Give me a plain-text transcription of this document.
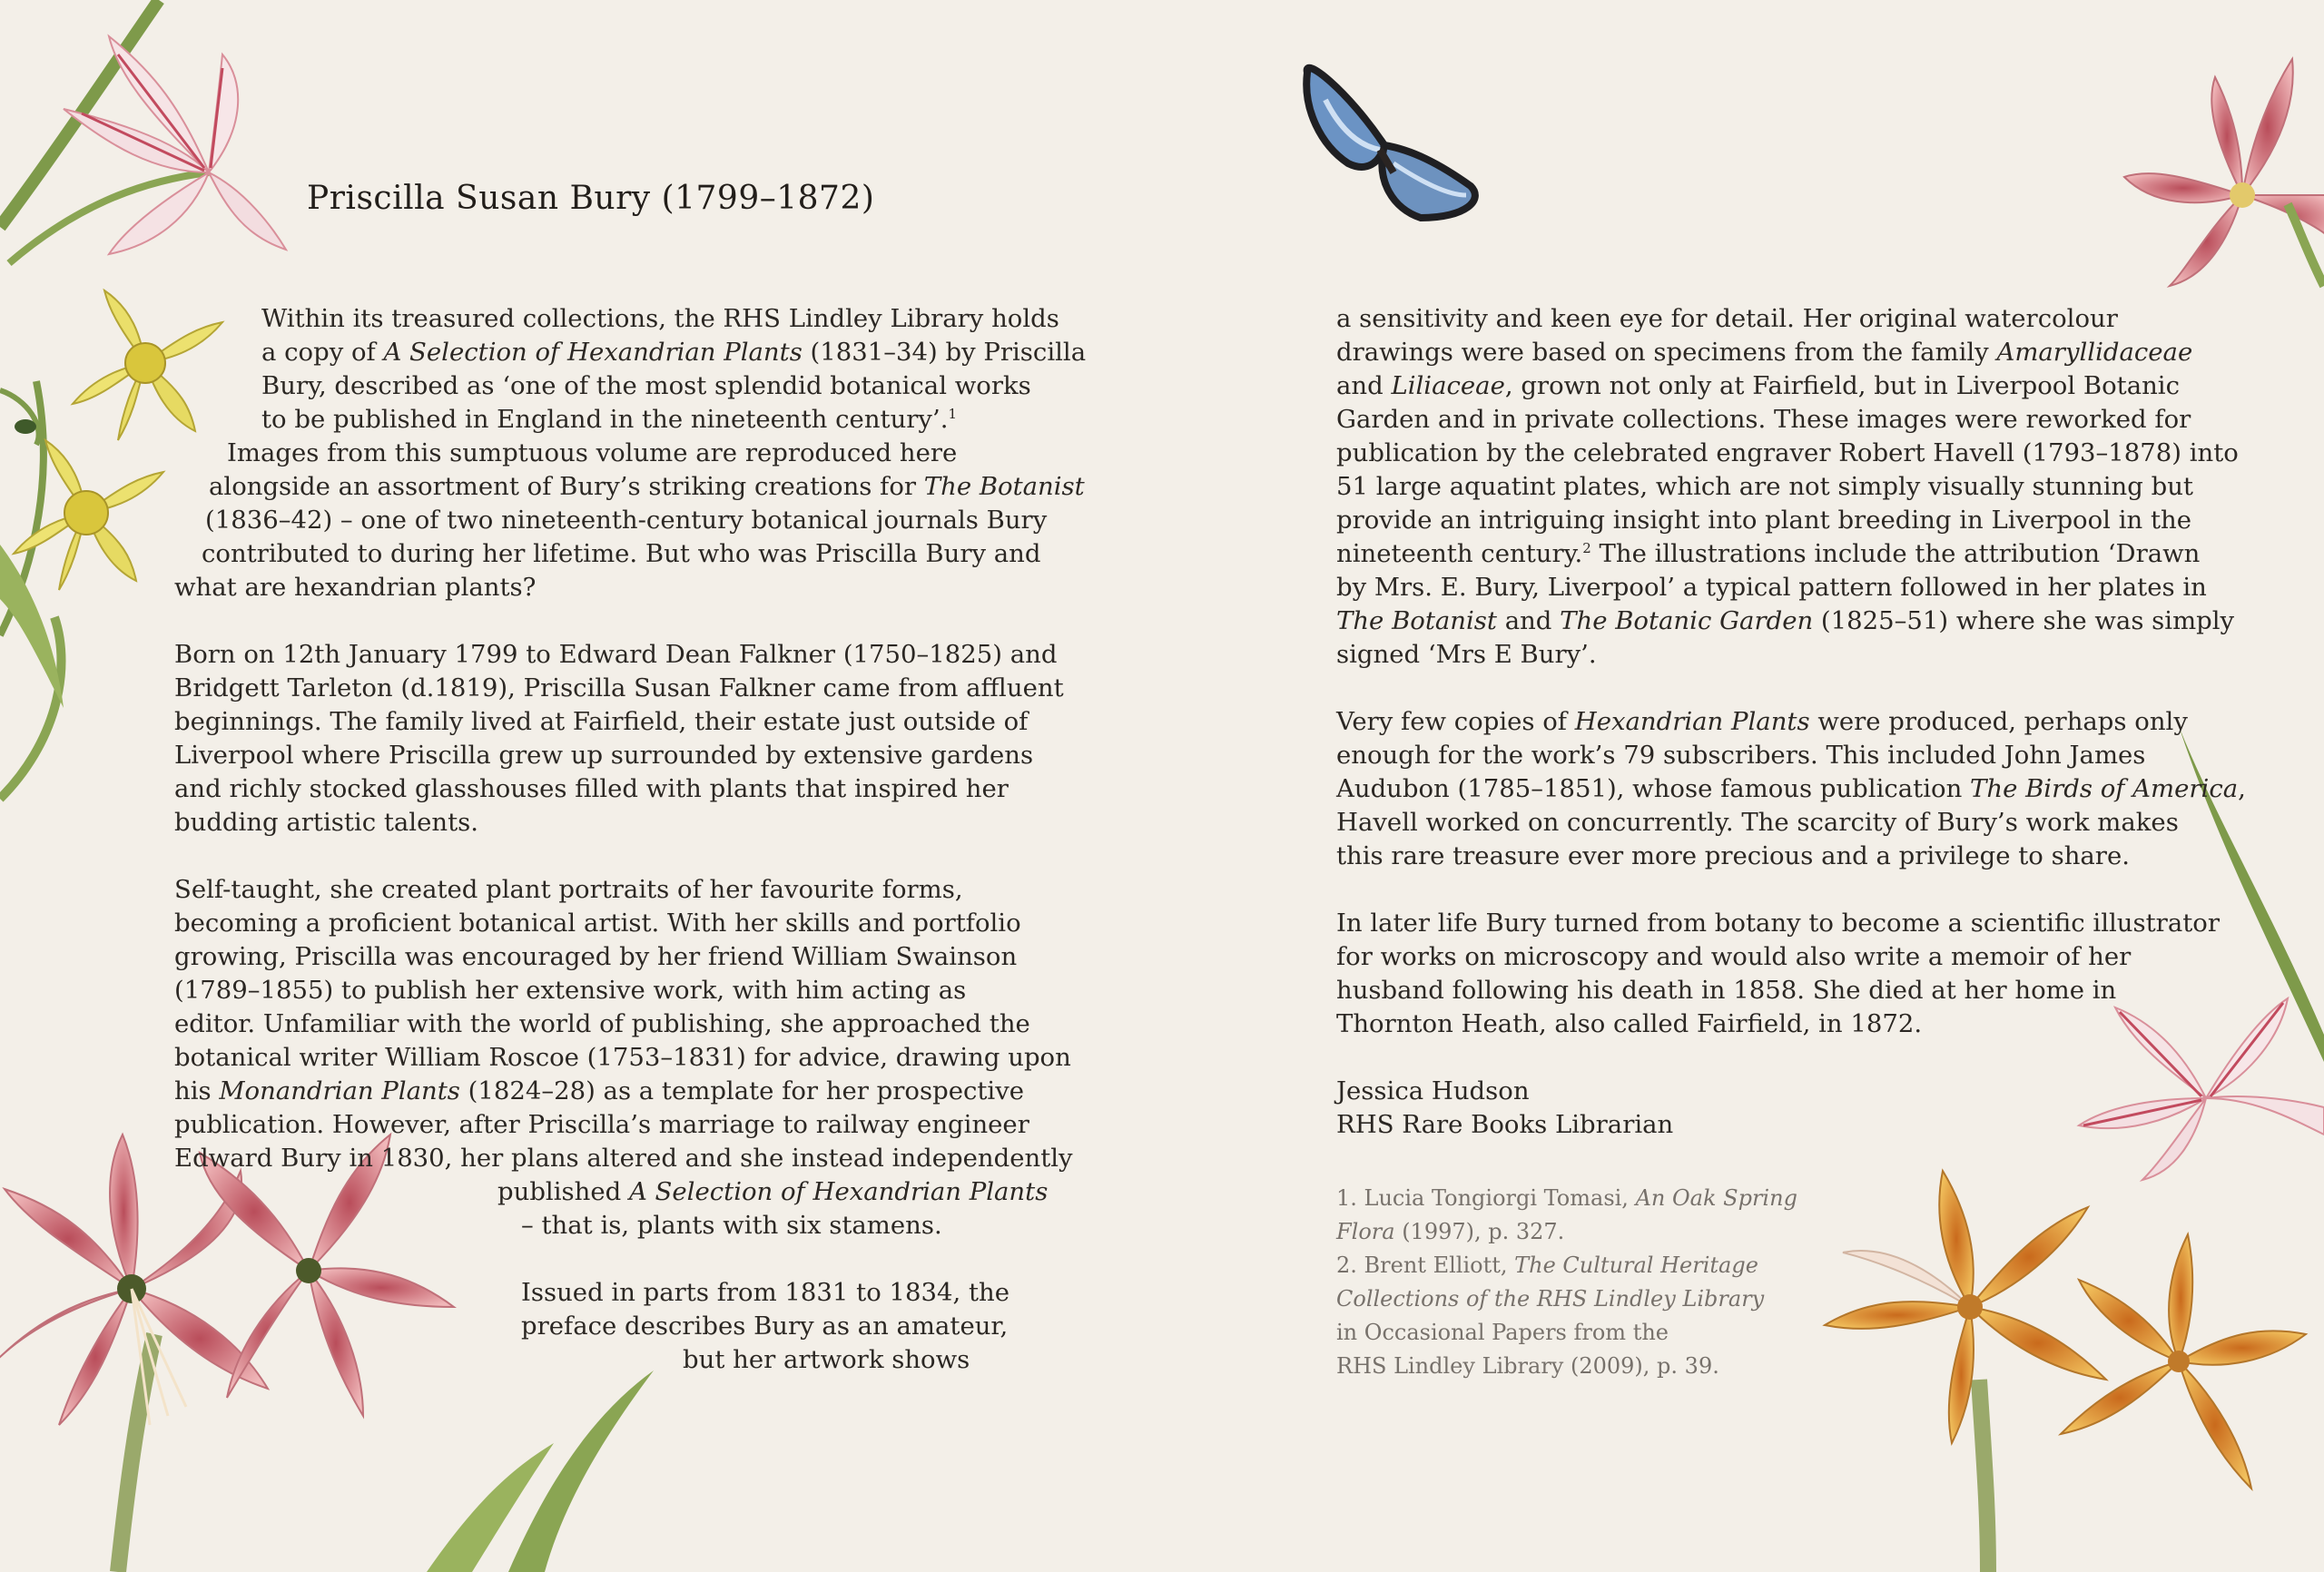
Priscilla Susan Bury (1799–1872)
Within its treasured collections, the RHS Lindley Library holds
a copy of A Selection of Hexandrian Plants (1831–34) by Priscilla
Bury, described as ‘one of the most splendid botanical works
to be published in England in the nineteenth century’.$^1$
Images from this sumptuous volume are reproduced here
alongside an assortment of Bury’s striking creations for The Botanist
(1836–42) – one of two nineteenth-century botanical journals Bury
contributed to during her lifetime. But who was Priscilla Bury and
what are hexandrian plants?
Born on 12th January 1799 to Edward Dean Falkner (1750–1825) and
Bridgett Tarleton (d.1819), Priscilla Susan Falkner came from affluent
beginnings. The family lived at Fairfield, their estate just outside of
Liverpool where Priscilla grew up surrounded by extensive gardens
and richly stocked glasshouses filled with plants that inspired her
budding artistic talents.
Self-taught, she created plant portraits of her favourite forms,
becoming a proficient botanical artist. With her skills and portfolio
growing, Priscilla was encouraged by her friend William Swainson
(1789–1855) to publish her extensive work, with him acting as
editor. Unfamiliar with the world of publishing, she approached the
botanical writer William Roscoe (1753–1831) for advice, drawing upon
his Monandrian Plants (1824–28) as a template for her prospective
publication. However, after Priscilla’s marriage to railway engineer
Edward Bury in 1830, her plans altered and she instead independently
published A Selection of Hexandrian Plants
– that is, plants with six stamens.
Issued in parts from 1831 to 1834, the
preface describes Bury as an amateur,
but her artwork shows
a sensitivity and keen eye for detail. Her original watercolour
drawings were based on specimens from the family Amaryllidaceae
and Liliaceae, grown not only at Fairfield, but in Liverpool Botanic
Garden and in private collections. These images were reworked for
publication by the celebrated engraver Robert Havell (1793–1878) into
51 large aquatint plates, which are not simply visually stunning but
provide an intriguing insight into plant breeding in Liverpool in the
nineteenth century.$^2$ The illustrations include the attribution ‘Drawn
by Mrs. E. Bury, Liverpool’ a typical pattern followed in her plates in
The Botanist and The Botanic Garden (1825–51) where she was simply
signed ‘Mrs E Bury’.
Very few copies of Hexandrian Plants were produced, perhaps only
enough for the work’s 79 subscribers. This included John James
Audubon (1785–1851), whose famous publication The Birds of America,
Havell worked on concurrently. The scarcity of Bury’s work makes
this rare treasure ever more precious and a privilege to share.
In later life Bury turned from botany to become a scientific illustrator
for works on microscopy and would also write a memoir of her
husband following his death in 1858. She died at her home in
Thornton Heath, also called Fairfield, in 1872.
Jessica Hudson
RHS Rare Books Librarian
1. Lucia Tongiorgi Tomasi, An Oak Spring
Flora (1997), p. 327.
2. Brent Elliott, The Cultural Heritage
Collections of the RHS Lindley Library
in Occasional Papers from the
RHS Lindley Library (2009), p. 39.
